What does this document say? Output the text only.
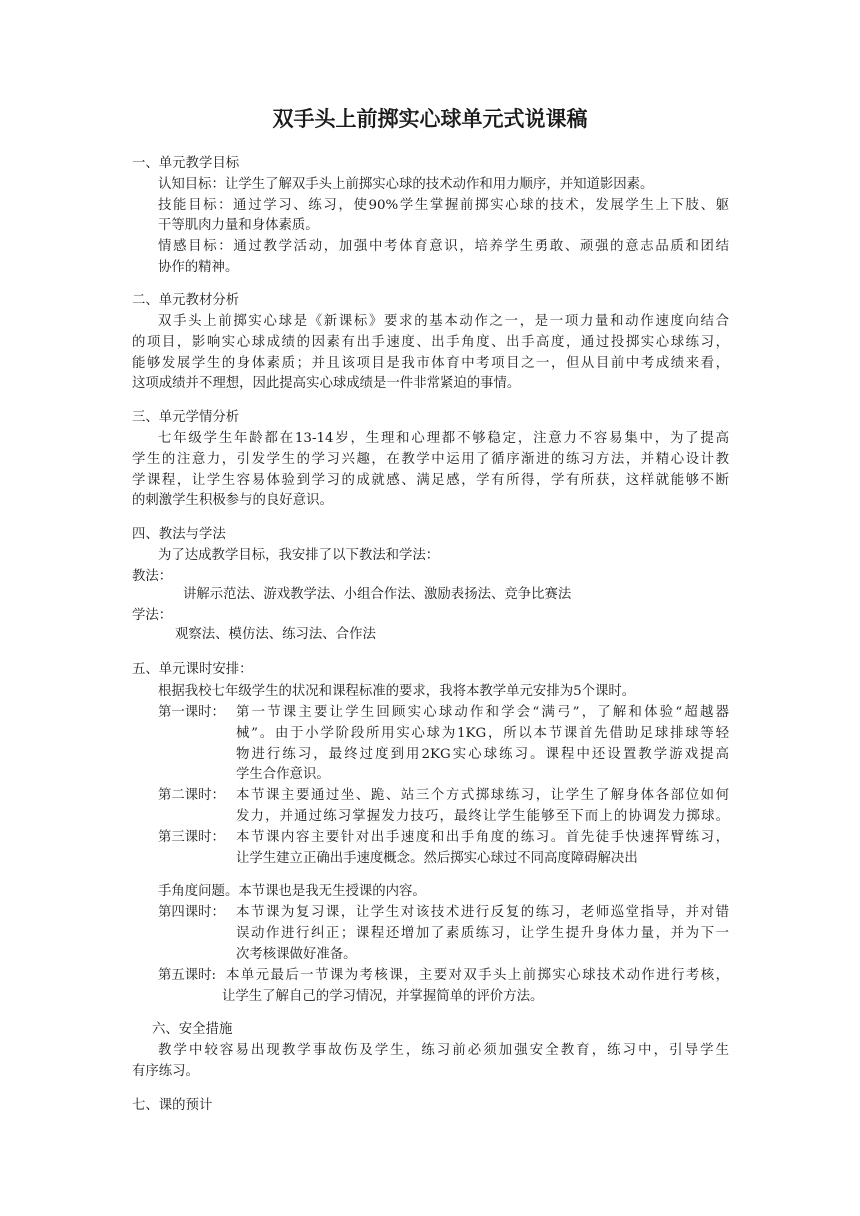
双手头上前掷实心球单元式说课稿
一、单元教学目标
认知目标：让学生了解双手头上前掷实心球的技术动作和用力顺序，并知道影因素。
技能目标：通过学习、练习，使90%学生掌握前掷实心球的技术，发展学生上下肢、躯
干等肌肉力量和身体素质。
情感目标：通过教学活动，加强中考体育意识，培养学生勇敢、顽强的意志品质和团结
协作的精神。
二、单元教材分析
双手头上前掷实心球是《新课标》要求的基本动作之一，是一项力量和动作速度向结合
的项目，影响实心球成绩的因素有出手速度、出手角度、出手高度，通过投掷实心球练习，
能够发展学生的身体素质；并且该项目是我市体育中考项目之一，但从目前中考成绩来看，
这项成绩并不理想，因此提高实心球成绩是一件非常紧迫的事情。
三、单元学情分析
七年级学生年龄都在13-14岁，生理和心理都不够稳定，注意力不容易集中，为了提高
学生的注意力，引发学生的学习兴趣，在教学中运用了循序渐进的练习方法，并精心设计教
学课程，让学生容易体验到学习的成就感、满足感，学有所得，学有所获，这样就能够不断
的刺激学生积极参与的良好意识。
四、教法与学法
为了达成教学目标，我安排了以下教法和学法：
教法：
讲解示范法、游戏教学法、小组合作法、激励表扬法、竞争比赛法
学法：
观察法、模仿法、练习法、合作法
五、单元课时安排：
根据我校七年级学生的状况和课程标准的要求，我将本教学单元安排为5个课时。
第一课时： 第一节课主要让学生回顾实心球动作和学会“满弓”，了解和体验“超越器
械”。由于小学阶段所用实心球为1KG，所以本节课首先借助足球排球等轻
物进行练习，最终过度到用2KG实心球练习。课程中还设置教学游戏提高
学生合作意识。
第二课时： 本节课主要通过坐、跪、站三个方式掷球练习，让学生了解身体各部位如何
发力，并通过练习掌握发力技巧，最终让学生能够至下而上的协调发力掷球。
第三课时： 本节课内容主要针对出手速度和出手角度的练习。首先徒手快速挥臂练习，
让学生建立正确出手速度概念。然后掷实心球过不同高度障碍解决出
手角度问题。本节课也是我无生授课的内容。
第四课时： 本节课为复习课，让学生对该技术进行反复的练习，老师巡堂指导，并对错
误动作进行纠正；课程还增加了素质练习，让学生提升身体力量，并为下一
次考核课做好准备。
第五课时: 本单元最后一节课为考核课，主要对双手头上前掷实心球技术动作进行考核，
让学生了解自己的学习情况，并掌握简单的评价方法。
六、安全措施
教学中较容易出现教学事故伤及学生，练习前必须加强安全教育，练习中，引导学生
有序练习。
七、课的预计
